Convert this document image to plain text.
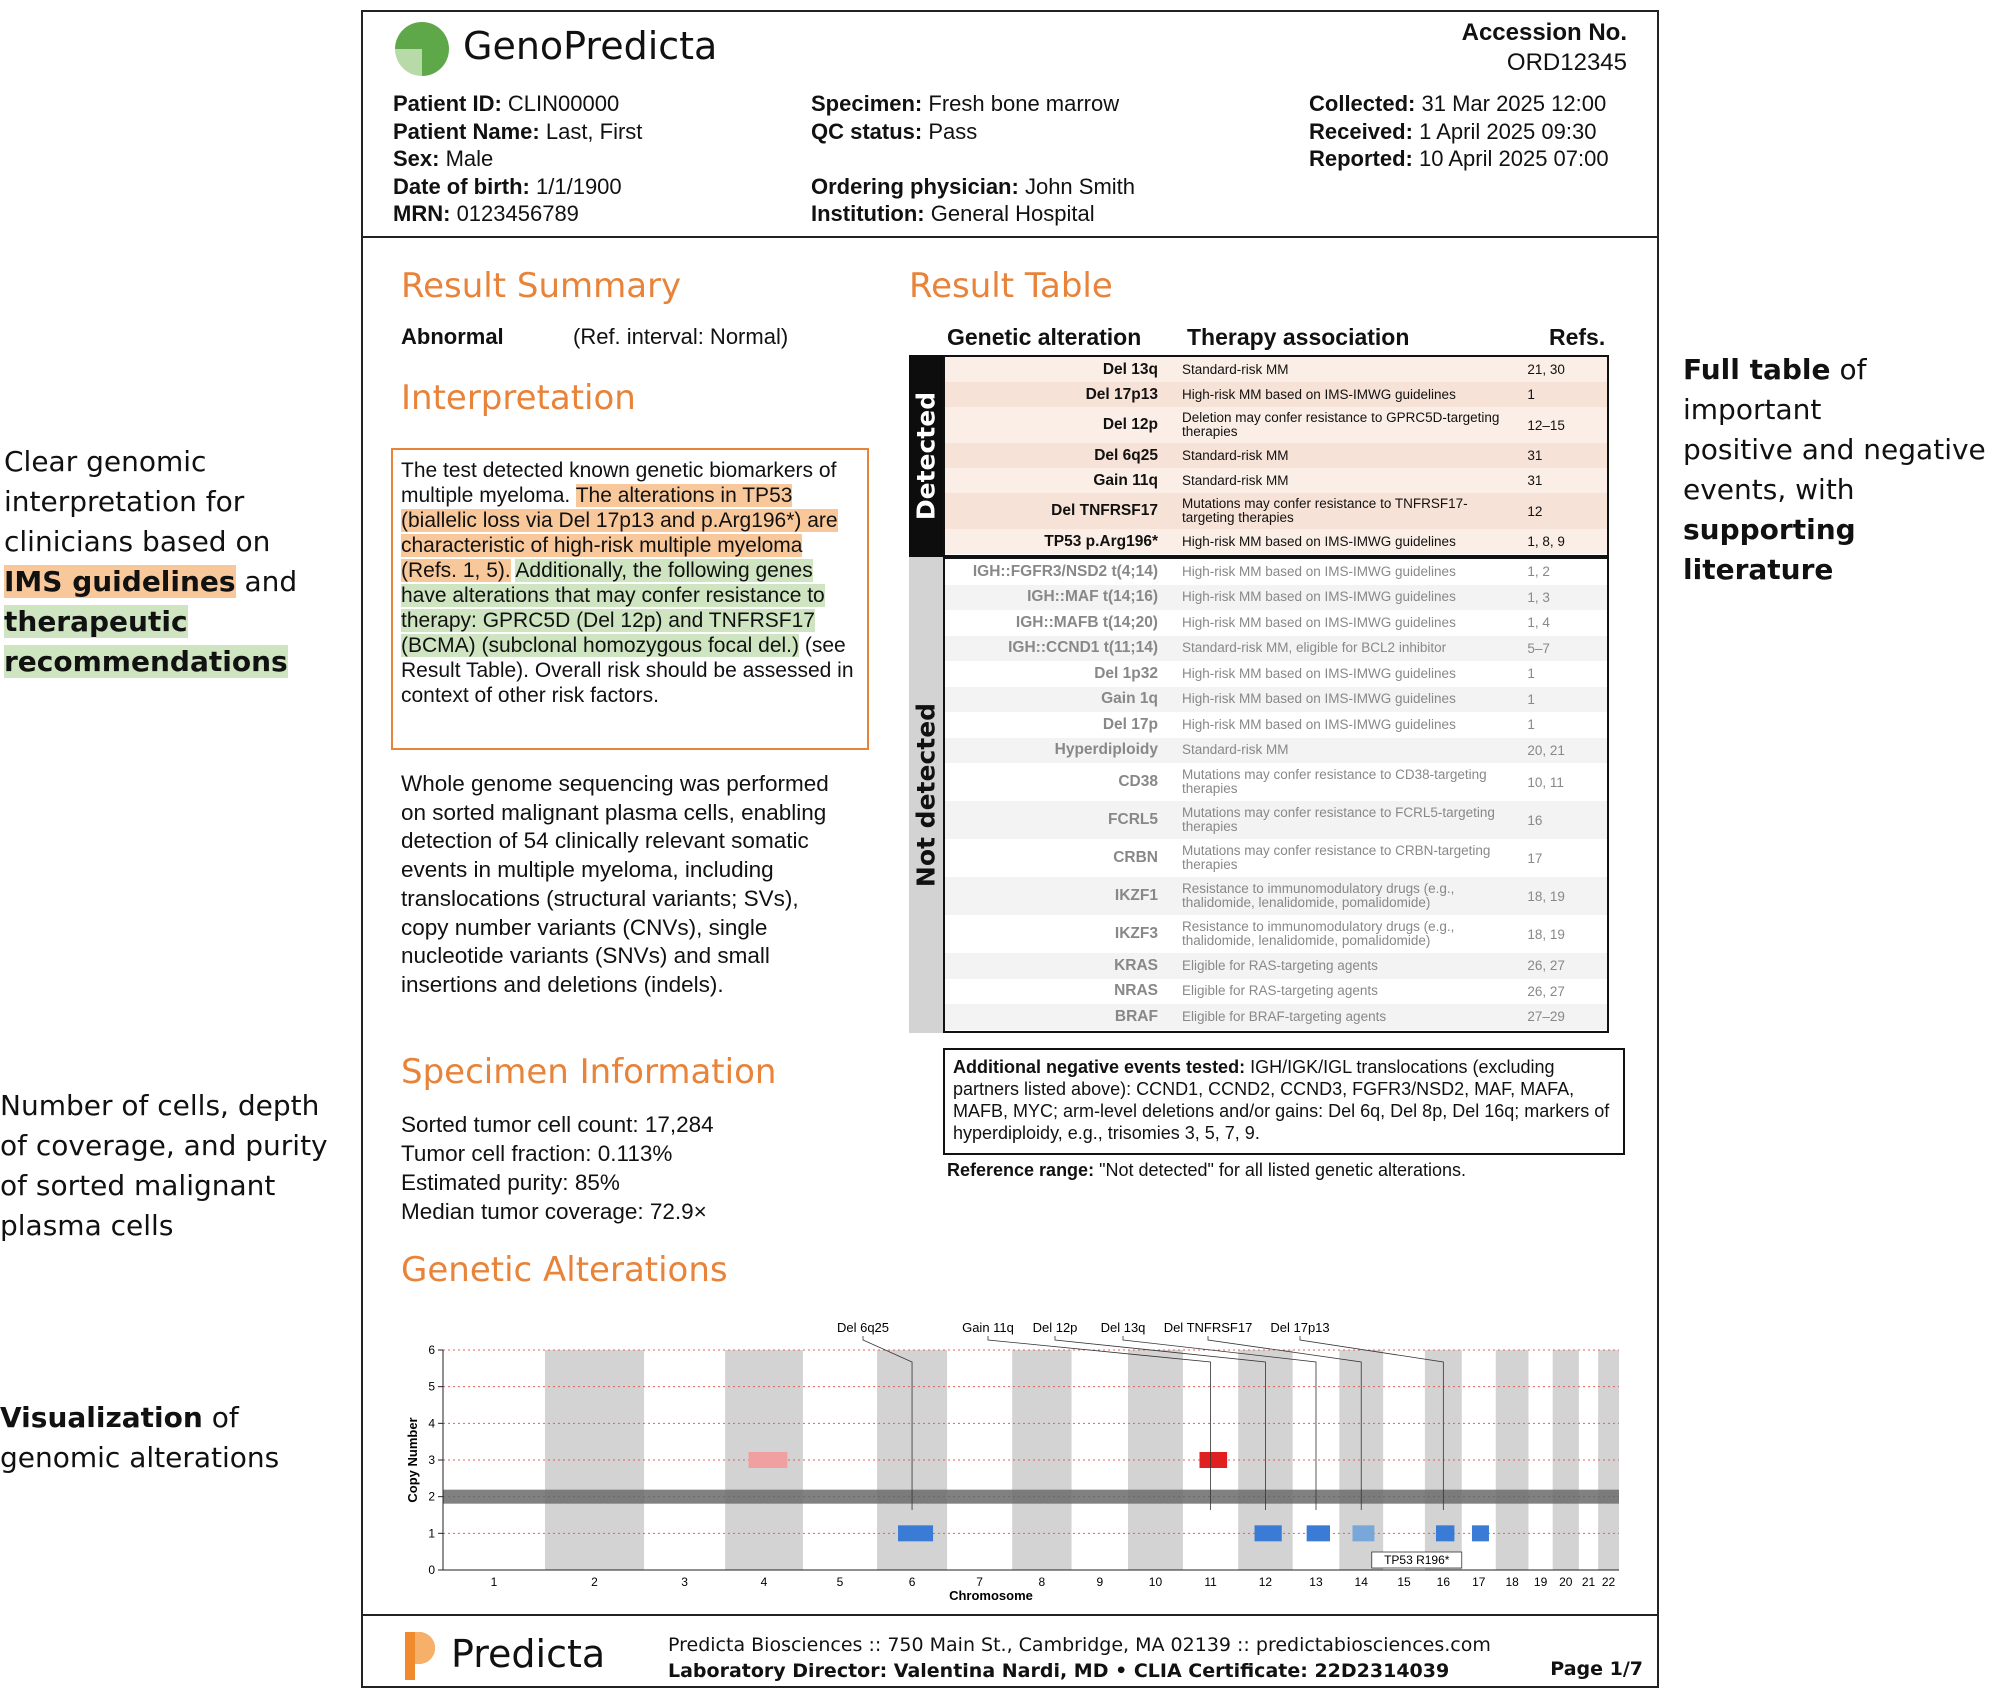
Clear genomic
interpretation for
clinicians based on
IMS guidelines and
therapeutic
recommendations
Number of cells, depth
of coverage, and purity
of sorted malignant
plasma cells
Visualization of
genomic alterations
Full table of important
positive and negative
events, with
supporting literature
GenoPredicta	Accession No.
ORD12345
Patient ID: CLIN00000
Patient Name: Last, First
Sex: Male
Date of birth: 1/1/1900
MRN: 0123456789
Specimen: Fresh bone marrow
QC status: Pass

Ordering physician: John Smith
Institution: General Hospital
Collected: 31 Mar 2025 12:00
Received: 1 April 2025 09:30
Reported: 10 April 2025 07:00
Result Summary
Abnormal	(Ref. interval: Normal)
Interpretation
The test detected known genetic biomarkers of multiple myeloma. The alterations in TP53 (biallelic loss via Del 17p13 and p.Arg196*) are characteristic of high-risk multiple myeloma (Refs. 1, 5). Additionally, the following genes have alterations that may confer resistance to therapy: GPRC5D (Del 12p) and TNFRSF17 (BCMA) (subclonal homozygous focal del.) (see Result Table). Overall risk should be assessed in context of other risk factors.
Whole genome sequencing was performed on sorted malignant plasma cells, enabling detection of 54 clinically relevant somatic events in multiple myeloma, including translocations (structural variants; SVs), copy number variants (CNVs), single nucleotide variants (SNVs) and small insertions and deletions (indels).
Specimen Information
Sorted tumor cell count: 17,284
Tumor cell fraction: 0.113%
Estimated purity: 85%
Median tumor coverage: 72.9×
Genetic Alterations
Result Table
Genetic alteration Therapy association	Refs.
Detected
Del 13q	Standard-risk MM	21, 30
Del 17p13	High-risk MM based on IMS-IMWG guidelines	1
Del 12p	Deletion may confer resistance to GPRC5D-targeting therapies	12–15
Del 6q25	Standard-risk MM	31
Gain 11q	Standard-risk MM	31
Del TNFRSF17	Mutations may confer resistance to TNFRSF17-targeting therapies	12
TP53 p.Arg196*	High-risk MM based on IMS-IMWG guidelines	1, 8, 9
Not detected
IGH::FGFR3/NSD2 t(4;14)	High-risk MM based on IMS-IMWG guidelines	1, 2
IGH::MAF t(14;16)	High-risk MM based on IMS-IMWG guidelines	1, 3
IGH::MAFB t(14;20)	High-risk MM based on IMS-IMWG guidelines	1, 4
IGH::CCND1 t(11;14)	Standard-risk MM, eligible for BCL2 inhibitor	5–7
Del 1p32	High-risk MM based on IMS-IMWG guidelines	1
Gain 1q	High-risk MM based on IMS-IMWG guidelines	1
Del 17p	High-risk MM based on IMS-IMWG guidelines	1
Hyperdiploidy	Standard-risk MM	20, 21
CD38	Mutations may confer resistance to CD38-targeting therapies	10, 11
FCRL5	Mutations may confer resistance to FCRL5-targeting therapies	16
CRBN	Mutations may confer resistance to CRBN-targeting therapies	17
IKZF1	Resistance to immunomodulatory drugs (e.g., thalidomide, lenalidomide, pomalidomide)	18, 19
IKZF3	Resistance to immunomodulatory drugs (e.g., thalidomide, lenalidomide, pomalidomide)	18, 19
KRAS	Eligible for RAS-targeting agents	26, 27
NRAS	Eligible for RAS-targeting agents	26, 27
BRAF	Eligible for BRAF-targeting agents	27–29
Additional negative events tested: IGH/IGK/IGL translocations (excluding partners listed above): CCND1, CCND2, CCND3, FGFR3/NSD2, MAF, MAFA, MAFB, MYC; arm-level deletions and/or gains: Del 6q, Del 8p, Del 16q; markers of hyperdiploidy, e.g., trisomies 3, 5, 7, 9.
Reference range: "Not detected" for all listed genetic alterations.
0
1
2
3
4
5
6
1	2	3	4	5	6	7	8	9	10	11	12	13	14 15 16 17 18 19 20 21 22
Chromosome
Copy Number
Del 6q25	Gain 11q Del 12p Del 13q Del TNFRSF17 Del 17p13
TP53 R196*
Predicta	Predicta Biosciences :: 750 Main St., Cambridge, MA 02139 :: predictabiosciences.com
Laboratory Director: Valentina Nardi, MD • CLIA Certificate: 22D2314039	Page 1/7
